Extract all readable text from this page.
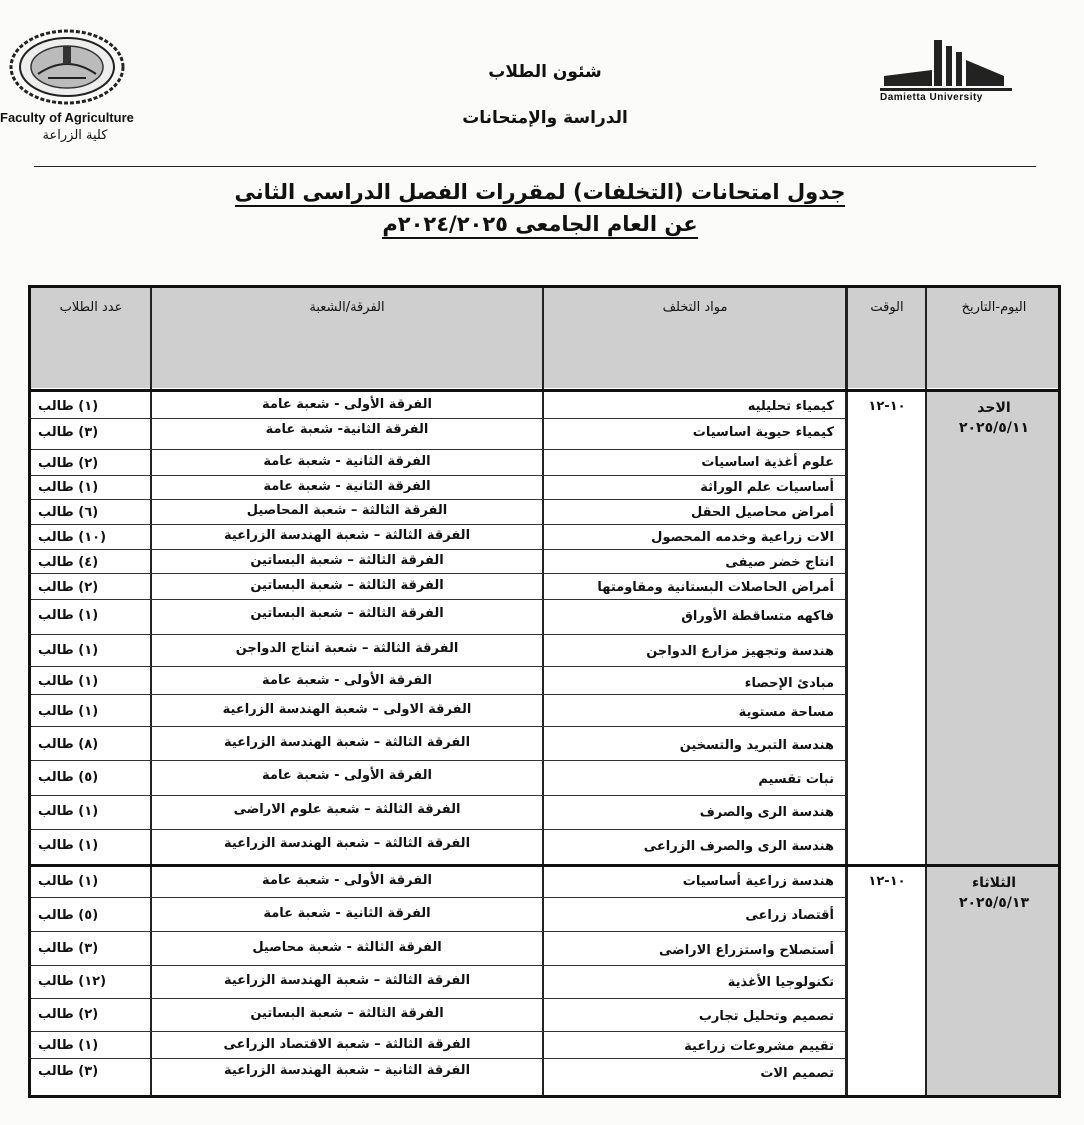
Faculty of Agriculture
كلية الزراعة
شئون الطلاب
الدراسة والإمتحانات
Damietta University
جدول امتحانات (التخلفات) لمقررات الفصل الدراسى الثانى
عن العام الجامعى ٢٠٢٤/٢٠٢٥م
اليوم-التاريخ
الوقت
مواد التخلف
الفرقة/الشعبة
عدد الطلاب
الاحد
٢٠٢٥/٥/١١
١٠-١٢
الثلاثاء
٢٠٢٥/٥/١٣
١٠-١٢
كيمياء تحليليه
الفرقة الأولى - شعبة عامة
(١) طالب
كيمياء حيوية اساسيات
الفرقة الثانية- شعبة عامة
(٣) طالب
علوم أغذية اساسيات
الفرقة الثانية - شعبة عامة
(٢) طالب
أساسيات علم الوراثة
الفرقة الثانية - شعبة عامة
(١) طالب
أمراض محاصيل الحقل
الفرقة الثالثة – شعبة المحاصيل
(٦) طالب
الات زراعية وخدمه المحصول
الفرقة الثالثة – شعبة الهندسة الزراعية
(١٠) طالب
انتاج خضر صيفى
الفرقة الثالثة – شعبة البساتين
(٤) طالب
أمراض الحاصلات البستانية ومقاومتها
الفرقة الثالثة – شعبة البساتين
(٢) طالب
فاكهه متساقطة الأوراق
الفرقة الثالثة – شعبة البساتين
(١) طالب
هندسة وتجهيز مزارع الدواجن
الفرقة الثالثة – شعبة انتاج الدواجن
(١) طالب
مبادئ الإحصاء
الفرقة الأولى - شعبة عامة
(١) طالب
مساحة مستوية
الفرقة الاولى – شعبة الهندسة الزراعية
(١) طالب
هندسة التبريد والتسخين
الفرقة الثالثة – شعبة الهندسة الزراعية
(٨) طالب
نبات تقسيم
الفرقة الأولى - شعبة عامة
(٥) طالب
هندسة الرى والصرف
الفرقة الثالثة – شعبة علوم الاراضى
(١) طالب
هندسة الرى والصرف الزراعى
الفرقة الثالثة – شعبة الهندسة الزراعية
(١) طالب
هندسة زراعية أساسيات
الفرقة الأولى - شعبة عامة
(١) طالب
أقتصاد زراعى
الفرقة الثانية - شعبة عامة
(٥) طالب
أستصلاح واستزراع الاراضى
الفرقة الثالثة - شعبة محاصيل
(٣) طالب
تكنولوجيا الأغذية
الفرقة الثالثة – شعبة الهندسة الزراعية
(١٢) طالب
تصميم وتحليل تجارب
الفرقة الثالثة – شعبة البساتين
(٢) طالب
تقييم مشروعات زراعية
الفرقة الثالثة – شعبة الاقتصاد الزراعى
(١) طالب
تصميم الات
الفرقة الثانية – شعبة الهندسة الزراعية
(٣) طالب
